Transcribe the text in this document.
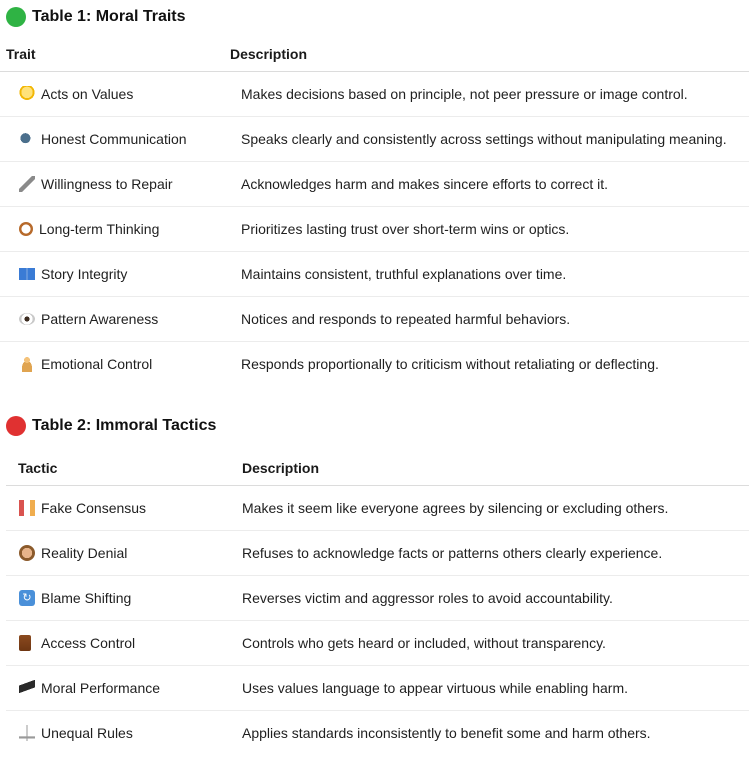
Table 1: Moral Traits
Trait	Description
Acts on Values	Makes decisions based on principle, not peer pressure or image control.
Honest Communication	Speaks clearly and consistently across settings without manipulating meaning.
Willingness to Repair	Acknowledges harm and makes sincere efforts to correct it.
Long-term Thinking	Prioritizes lasting trust over short-term wins or optics.
Story Integrity	Maintains consistent, truthful explanations over time.
Pattern Awareness	Notices and responds to repeated harmful behaviors.
Emotional Control	Responds proportionally to criticism without retaliating or deflecting.
Table 2: Immoral Tactics
Tactic	Description
Fake Consensus	Makes it seem like everyone agrees by silencing or excluding others.
Reality Denial	Refuses to acknowledge facts or patterns others clearly experience.
↻ Blame Shifting	Reverses victim and aggressor roles to avoid accountability.
Access Control	Controls who gets heard or included, without transparency.
Moral Performance	Uses values language to appear virtuous while enabling harm.
Unequal Rules	Applies standards inconsistently to benefit some and harm others.
